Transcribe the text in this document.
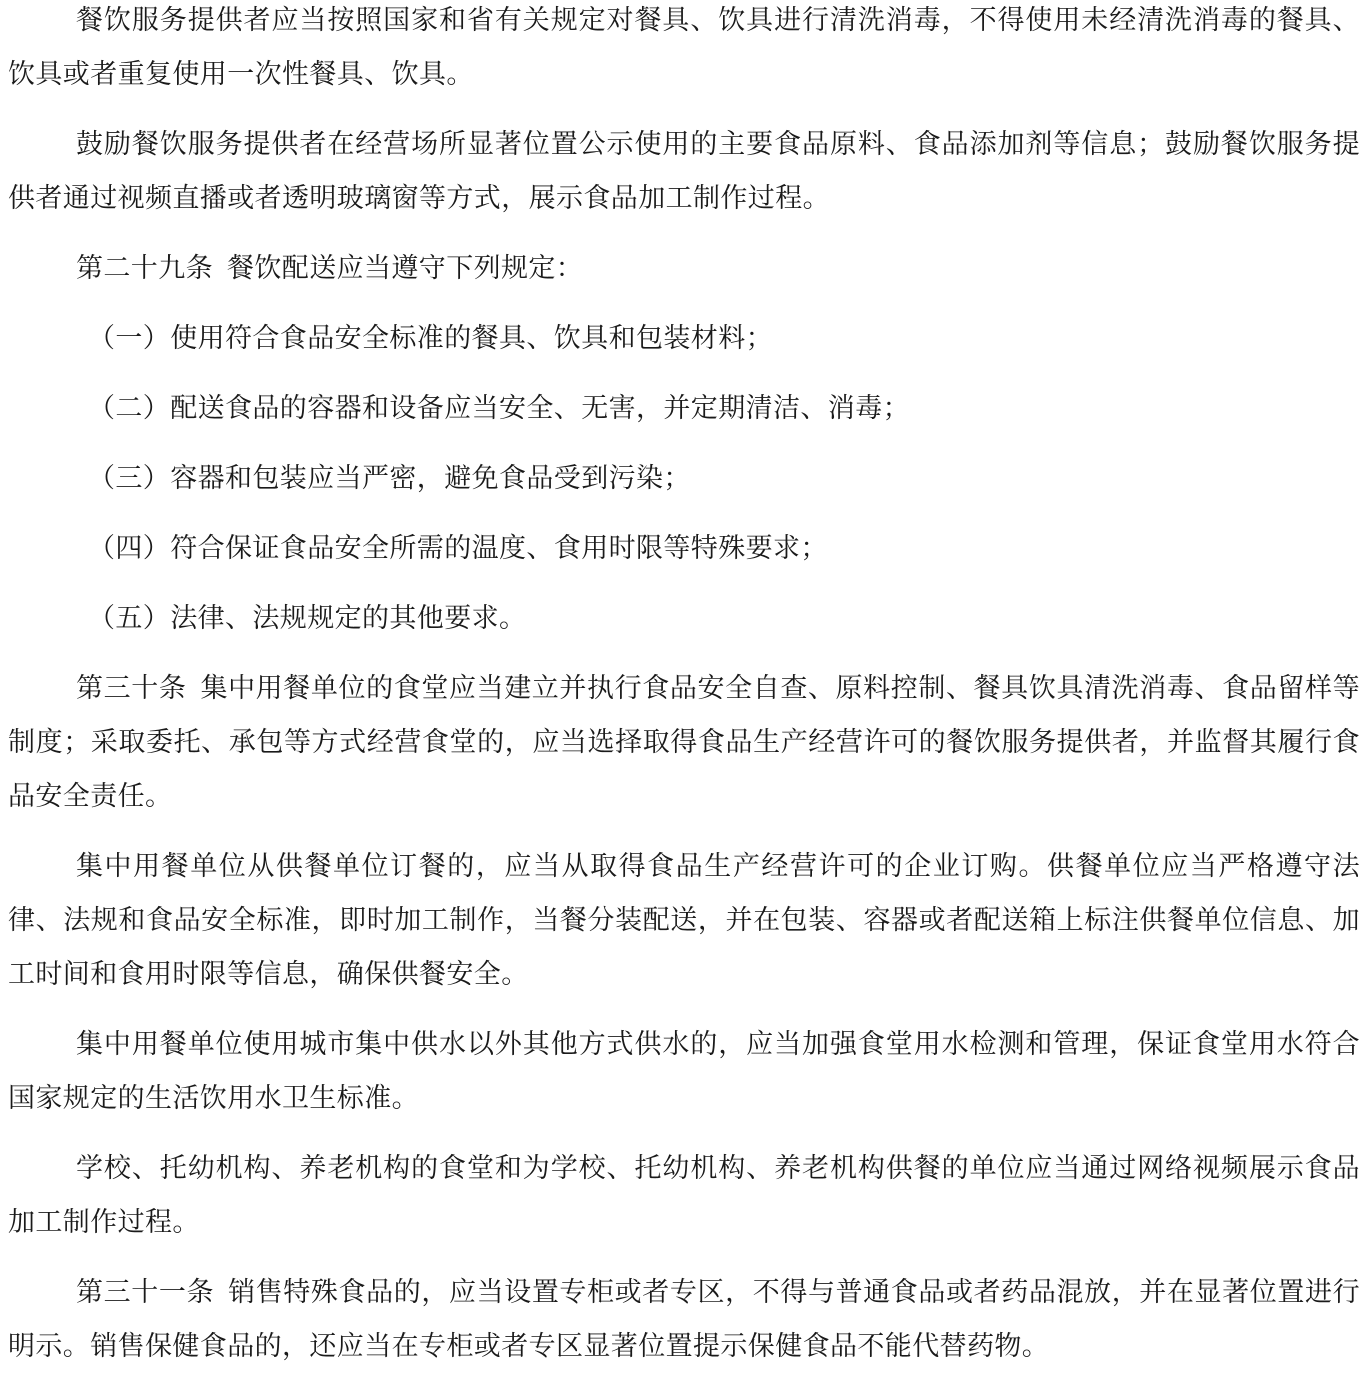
餐饮服务提供者应当按照国家和省有关规定对餐具、饮具进行清洗消毒，不得使用未经清洗消毒的餐具、饮具或者重复使用一次性餐具、饮具。

鼓励餐饮服务提供者在经营场所显著位置公示使用的主要食品原料、食品添加剂等信息；鼓励餐饮服务提供者通过视频直播或者透明玻璃窗等方式，展示食品加工制作过程。

第二十九条 餐饮配送应当遵守下列规定：

（一）使用符合食品安全标准的餐具、饮具和包装材料；

（二）配送食品的容器和设备应当安全、无害，并定期清洁、消毒；

（三）容器和包装应当严密，避免食品受到污染；

（四）符合保证食品安全所需的温度、食用时限等特殊要求；

（五）法律、法规规定的其他要求。

第三十条 集中用餐单位的食堂应当建立并执行食品安全自查、原料控制、餐具饮具清洗消毒、食品留样等制度；采取委托、承包等方式经营食堂的，应当选择取得食品生产经营许可的餐饮服务提供者，并监督其履行食品安全责任。

集中用餐单位从供餐单位订餐的，应当从取得食品生产经营许可的企业订购。供餐单位应当严格遵守法律、法规和食品安全标准，即时加工制作，当餐分装配送，并在包装、容器或者配送箱上标注供餐单位信息、加工时间和食用时限等信息，确保供餐安全。

集中用餐单位使用城市集中供水以外其他方式供水的，应当加强食堂用水检测和管理，保证食堂用水符合国家规定的生活饮用水卫生标准。

学校、托幼机构、养老机构的食堂和为学校、托幼机构、养老机构供餐的单位应当通过网络视频展示食品加工制作过程。

第三十一条 销售特殊食品的，应当设置专柜或者专区，不得与普通食品或者药品混放，并在显著位置进行明示。销售保健食品的，还应当在专柜或者专区显著位置提示保健食品不能代替药物。
